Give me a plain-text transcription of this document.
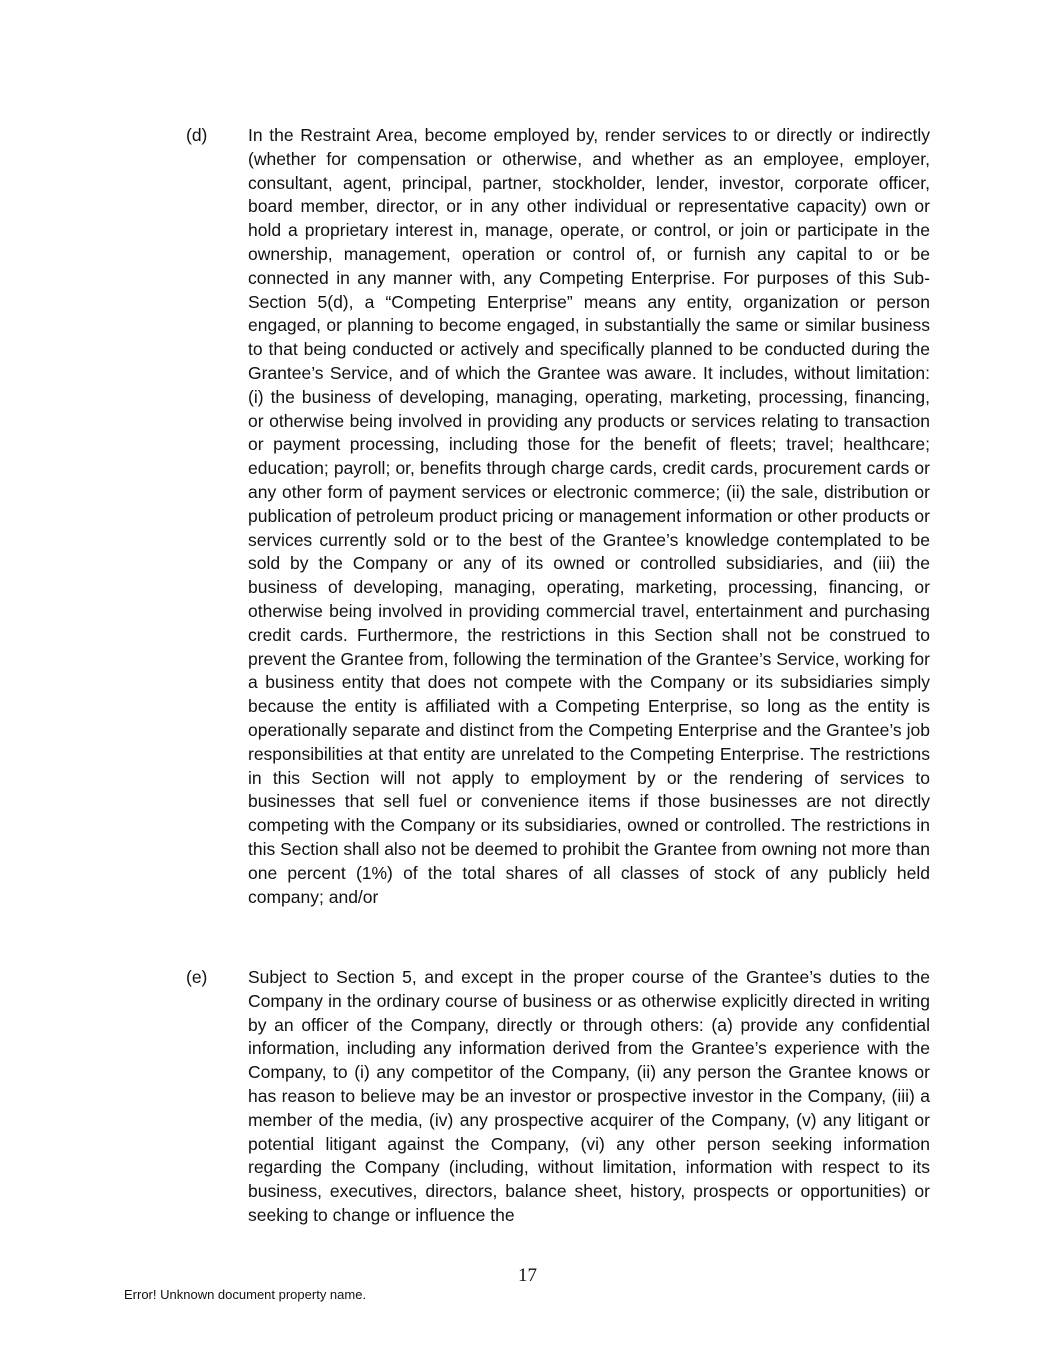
(d) In the Restraint Area, become employed by, render services to or directly or indirectly (whether for compensation or otherwise, and whether as an employee, employer, consultant, agent, principal, partner, stockholder, lender, investor, corporate officer, board member, director, or in any other individual or representative capacity) own or hold a proprietary interest in, manage, operate, or control, or join or participate in the ownership, management, operation or control of, or furnish any capital to or be connected in any manner with, any Competing Enterprise. For purposes of this Sub-Section 5(d), a “Competing Enterprise” means any entity, organization or person engaged, or planning to become engaged, in substantially the same or similar business to that being conducted or actively and specifically planned to be conducted during the Grantee’s Service, and of which the Grantee was aware. It includes, without limitation: (i) the business of developing, managing, operating, marketing, processing, financing, or otherwise being involved in providing any products or services relating to transaction or payment processing, including those for the benefit of fleets; travel; healthcare; education; payroll; or, benefits through charge cards, credit cards, procurement cards or any other form of payment services or electronic commerce; (ii) the sale, distribution or publication of petroleum product pricing or management information or other products or services currently sold or to the best of the Grantee’s knowledge contemplated to be sold by the Company or any of its owned or controlled subsidiaries, and (iii) the business of developing, managing, operating, marketing, processing, financing, or otherwise being involved in providing commercial travel, entertainment and purchasing credit cards. Furthermore, the restrictions in this Section shall not be construed to prevent the Grantee from, following the termination of the Grantee’s Service, working for a business entity that does not compete with the Company or its subsidiaries simply because the entity is affiliated with a Competing Enterprise, so long as the entity is operationally separate and distinct from the Competing Enterprise and the Grantee’s job responsibilities at that entity are unrelated to the Competing Enterprise. The restrictions in this Section will not apply to employment by or the rendering of services to businesses that sell fuel or convenience items if those businesses are not directly competing with the Company or its subsidiaries, owned or controlled. The restrictions in this Section shall also not be deemed to prohibit the Grantee from owning not more than one percent (1%) of the total shares of all classes of stock of any publicly held company; and/or

(e) Subject to Section 5, and except in the proper course of the Grantee’s duties to the Company in the ordinary course of business or as otherwise explicitly directed in writing by an officer of the Company, directly or through others: (a) provide any confidential information, including any information derived from the Grantee’s experience with the Company, to (i) any competitor of the Company, (ii) any person the Grantee knows or has reason to believe may be an investor or prospective investor in the Company, (iii) a member of the media, (iv) any prospective acquirer of the Company, (v) any litigant or potential litigant against the Company, (vi) any other person seeking information regarding the Company (including, without limitation, information with respect to its business, executives, directors, balance sheet, history, prospects or opportunities) or seeking to change or influence the

17
Error! Unknown document property name.
